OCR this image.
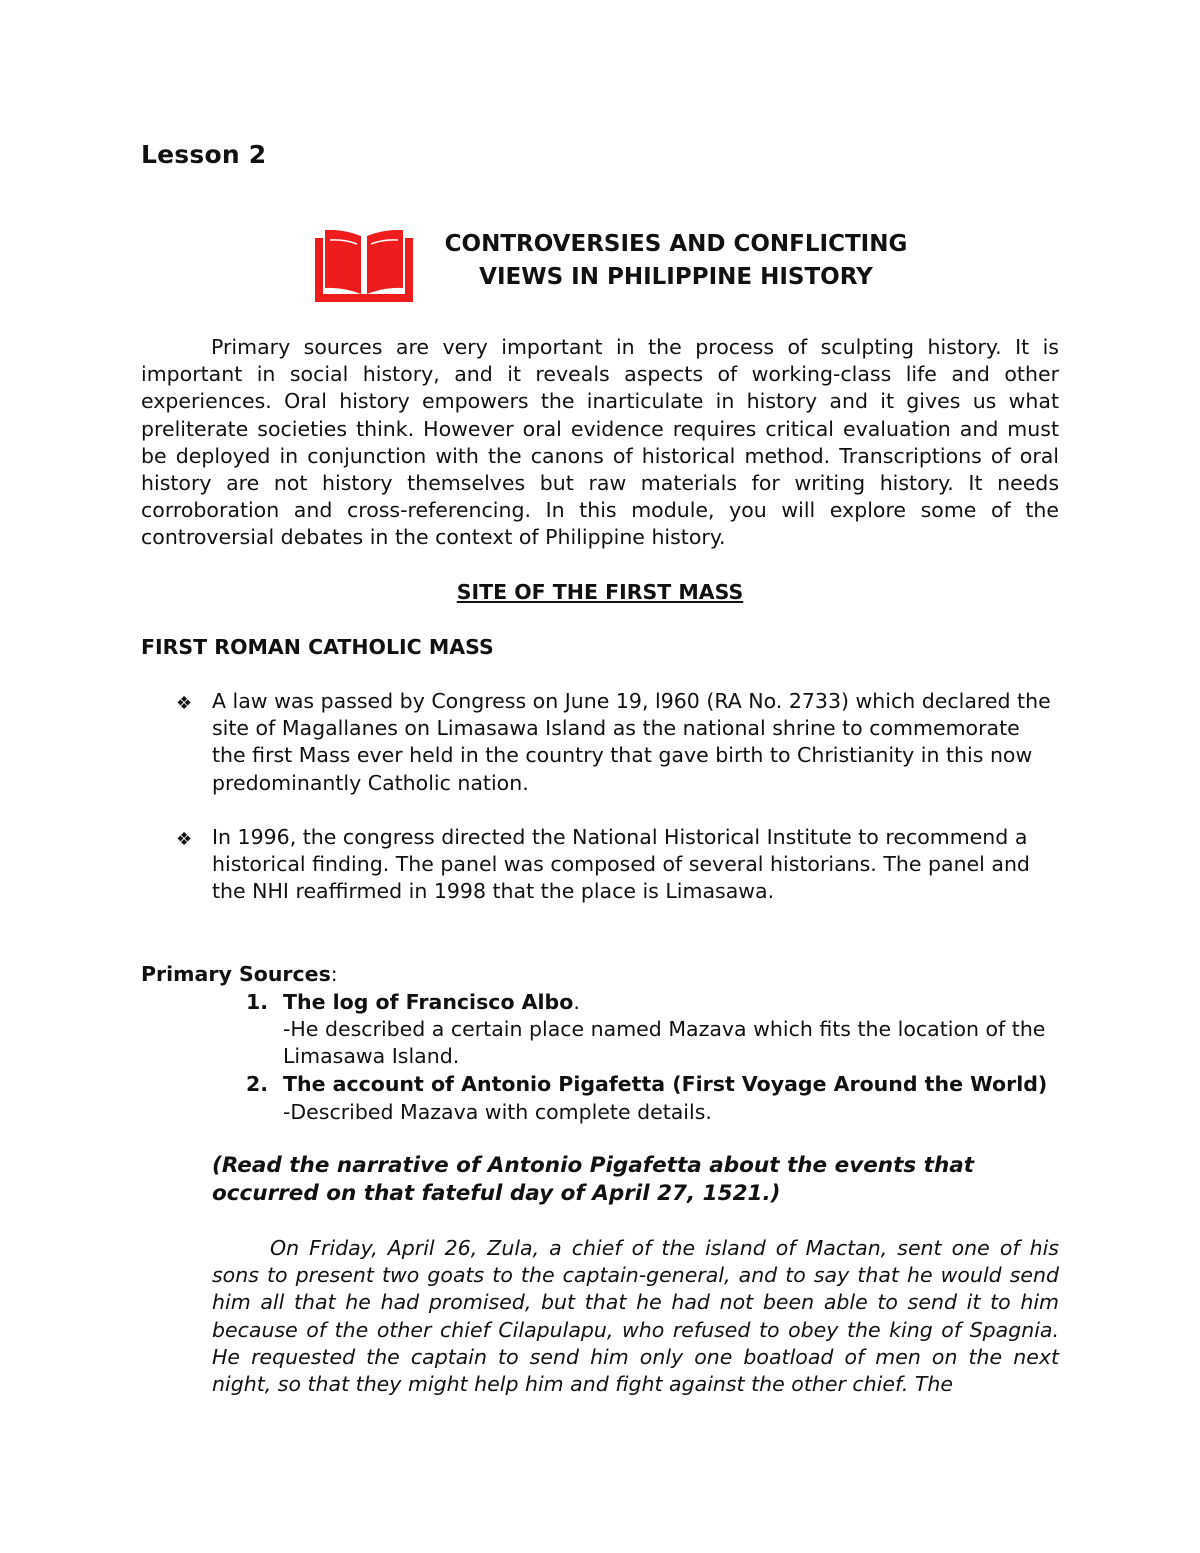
Lesson 2
CONTROVERSIES AND CONFLICTING
VIEWS IN PHILIPPINE HISTORY
Primary sources are very important in the process of sculpting history. It is important in social history, and it reveals aspects of working-class life and other experiences. Oral history empowers the inarticulate in history and it gives us what preliterate societies think. However oral evidence requires critical evaluation and must be deployed in conjunction with the canons of historical method. Transcriptions of oral history are not history themselves but raw materials for writing history. It needs corroboration and cross-referencing. In this module, you will explore some of the controversial debates in the context of Philippine history.
SITE OF THE FIRST MASS
FIRST ROMAN CATHOLIC MASS
❖ A law was passed by Congress on June 19, l960 (RA No. 2733) which declared the site of Magallanes on Limasawa Island as the national shrine to commemorate the first Mass ever held in the country that gave birth to Christianity in this now predominantly Catholic nation.
❖ In 1996, the congress directed the National Historical Institute to recommend a historical finding. The panel was composed of several historians. The panel and the NHI reaffirmed in 1998 that the place is Limasawa.
Primary Sources:
1. The log of Francisco Albo.
-He described a certain place named Mazava which fits the location of the Limasawa Island.
2. The account of Antonio Pigafetta (First Voyage Around the World)
-Described Mazava with complete details.
(Read the narrative of Antonio Pigafetta about the events that occurred on that fateful day of April 27, 1521.)
On Friday, April 26, Zula, a chief of the island of Mactan, sent one of his sons to present two goats to the captain-general, and to say that he would send him all that he had promised, but that he had not been able to send it to him because of the other chief Cilapulapu, who refused to obey the king of Spagnia. He requested the captain to send him only one boatload of men on the next night, so that they might help him and fight against the other chief. The
